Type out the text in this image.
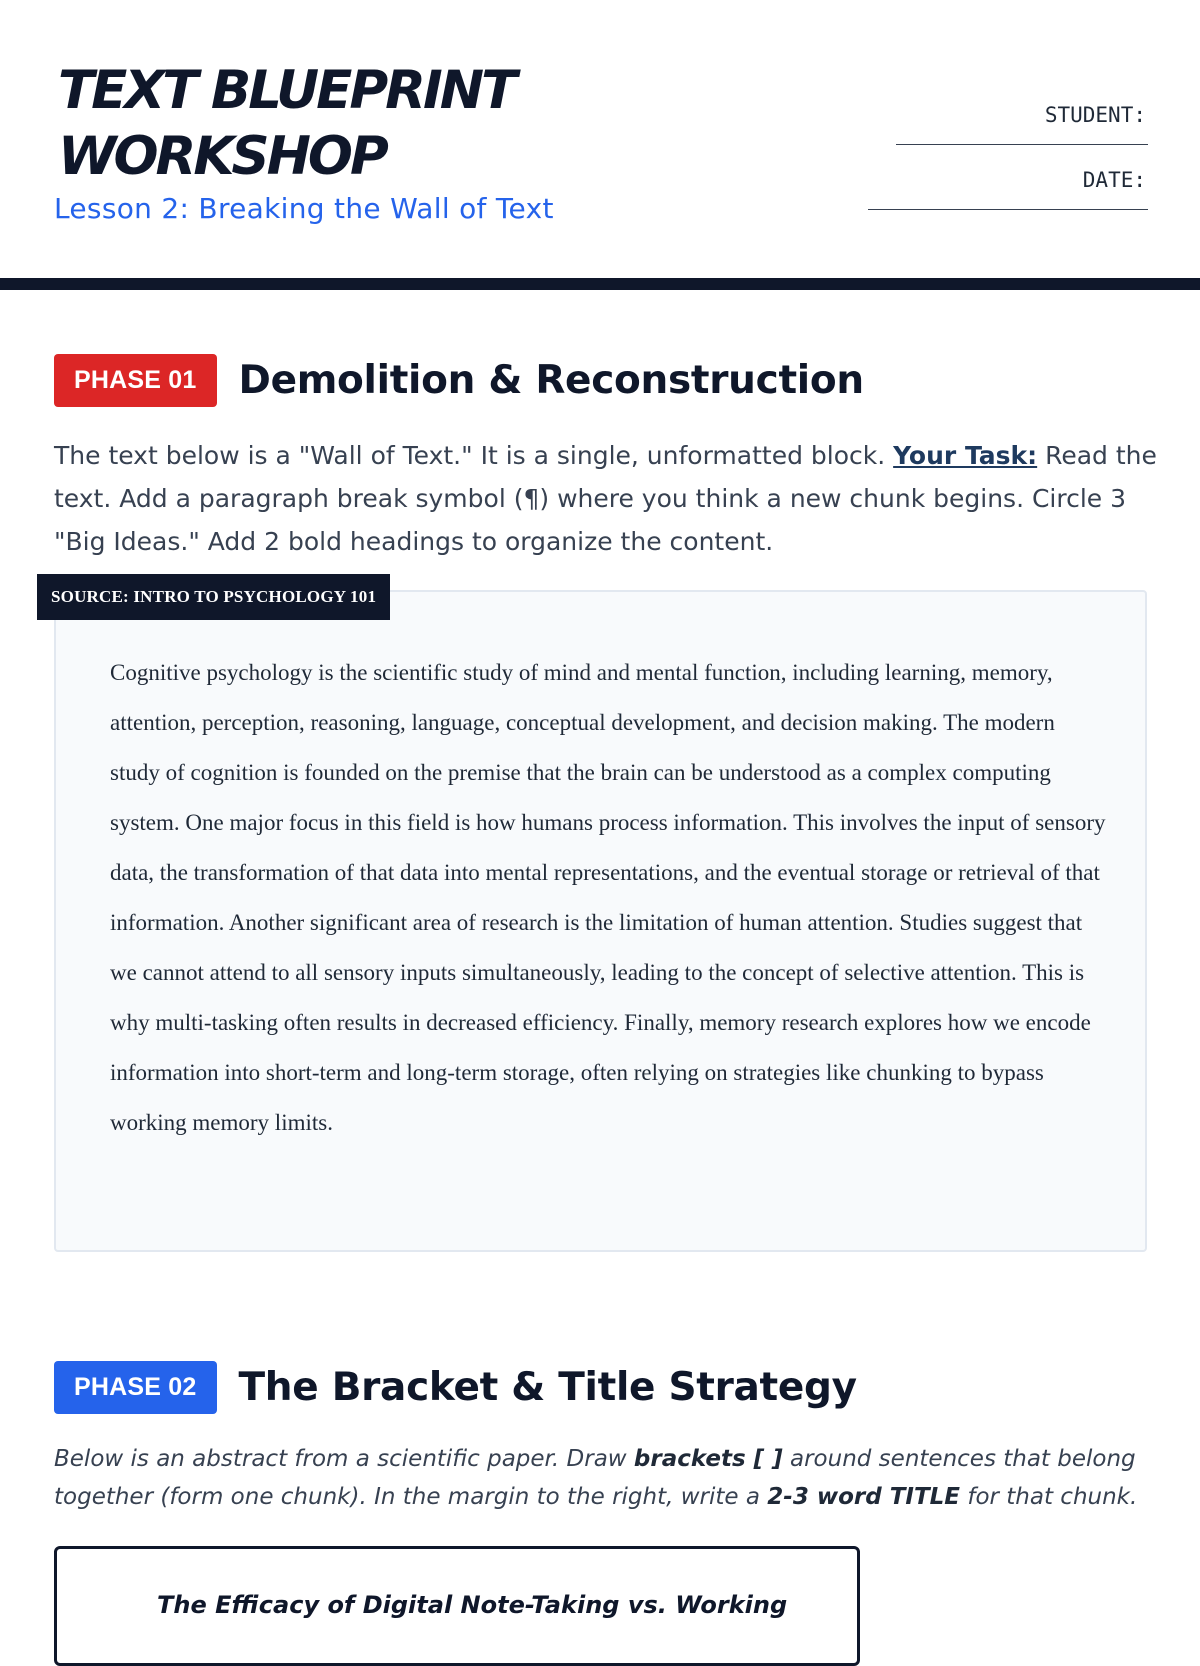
TEXT BLUEPRINT
WORKSHOP
Lesson 2: Breaking the Wall of Text
STUDENT:
DATE:
PHASE 01	Demolition & Reconstruction

The text below is a "Wall of Text." It is a single, unformatted block. Your Task: Read the text. Add a paragraph break symbol (¶) where you think a new chunk begins. Circle 3 "Big Ideas." Add 2 bold headings to organize the content.

SOURCE: INTRO TO PSYCHOLOGY 101

Cognitive psychology is the scientific study of mind and mental function, including learning, memory, attention, perception, reasoning, language, conceptual development, and decision making. The modern study of cognition is founded on the premise that the brain can be understood as a complex computing system. One major focus in this field is how humans process information. This involves the input of sensory data, the transformation of that data into mental representations, and the eventual storage or retrieval of that information. Another significant area of research is the limitation of human attention. Studies suggest that we cannot attend to all sensory inputs simultaneously, leading to the concept of selective attention. This is why multi-tasking often results in decreased efficiency. Finally, memory research explores how we encode information into short-term and long-term storage, often relying on strategies like chunking to bypass working memory limits.

PHASE 02	The Bracket & Title Strategy

Below is an abstract from a scientific paper. Draw brackets [ ] around sentences that belong together (form one chunk). In the margin to the right, write a 2-3 word TITLE for that chunk.

The Efficacy of Digital Note-Taking vs. Working
